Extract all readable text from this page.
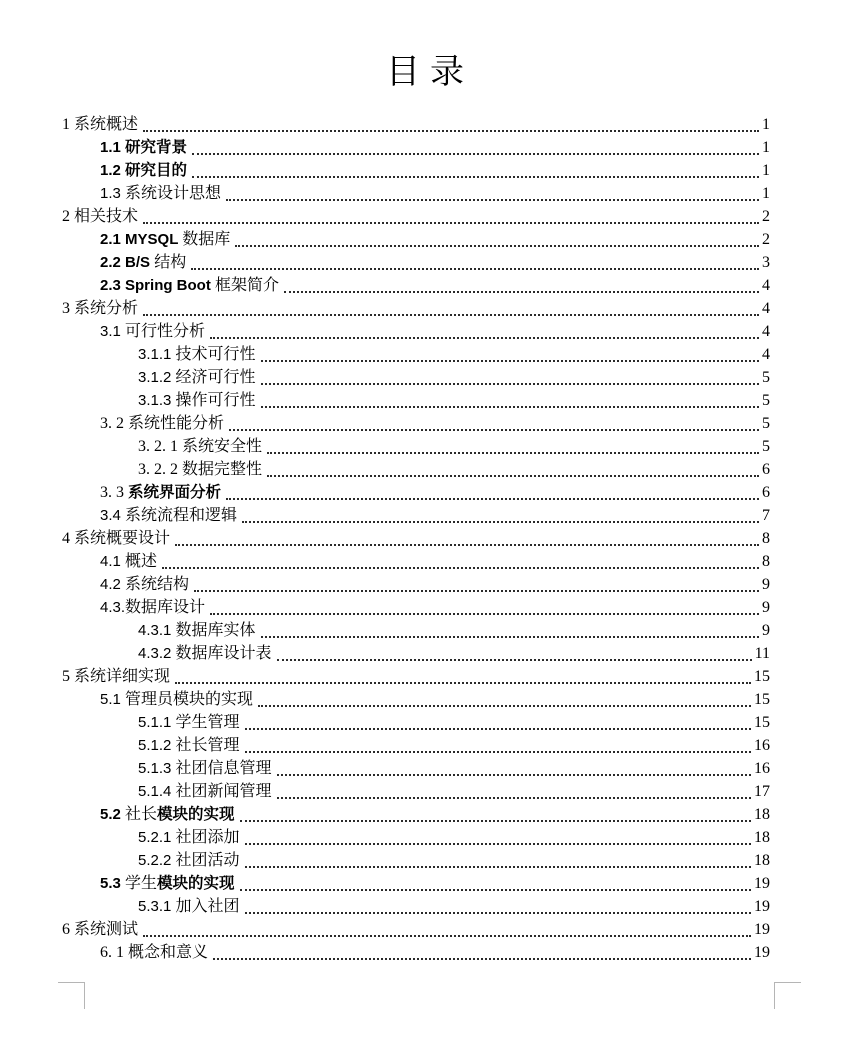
目录
1 系统概述	1
1.1 研究背景	1
1.2 研究目的	1
1.3 系统设计思想	1
2 相关技术	2
2.1 MYSQL 数据库	2
2.2 B/S 结构	3
2.3 Spring Boot 框架简介	4
3 系统分析	4
3.1 可行性分析	4
3.1.1 技术可行性	4
3.1.2 经济可行性	5
3.1.3 操作可行性	5
3. 2 系统性能分析	5
3. 2. 1 系统安全性	5
3. 2. 2 数据完整性	6
3. 3 系统界面分析	6
3.4 系统流程和逻辑	7
4 系统概要设计	8
4.1 概述	8
4.2 系统结构	9
4.3.数据库设计	9
4.3.1 数据库实体	9
4.3.2 数据库设计表	11
5 系统详细实现	15
5.1 管理员模块的实现	15
5.1.1 学生管理	15
5.1.2 社长管理	16
5.1.3 社团信息管理	16
5.1.4 社团新闻管理	17
5.2 社长模块的实现	18
5.2.1 社团添加	18
5.2.2 社团活动	18
5.3 学生模块的实现	19
5.3.1 加入社团	19
6 系统测试	19
6. 1 概念和意义	19
